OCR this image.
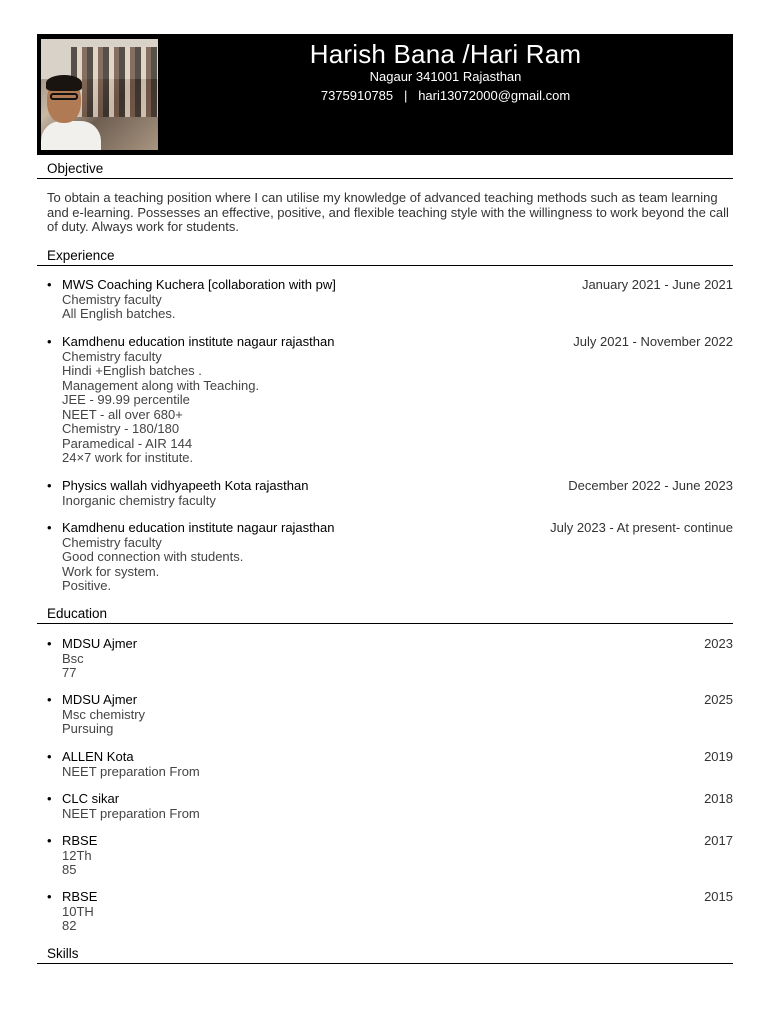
Harish Bana /Hari Ram
Nagaur 341001 Rajasthan
7375910785   |   hari13072000@gmail.com
Objective
To obtain a teaching position where I can utilise my knowledge of advanced teaching methods such as team learning and e-learning. Possesses an effective, positive, and flexible teaching style with the willingness to work beyond the call of duty. Always work for students.
Experience
• MWS Coaching Kuchera [collaboration with pw]	January 2021 - June 2021
Chemistry faculty
All English batches.
• Kamdhenu education institute nagaur rajasthan	July 2021 - November 2022
Chemistry faculty
Hindi +English batches .
Management along with Teaching.
JEE - 99.99 percentile
NEET - all over 680+
Chemistry - 180/180
Paramedical - AIR 144
24×7 work for institute.
• Physics wallah vidhyapeeth Kota rajasthan	December 2022 - June 2023
Inorganic chemistry faculty
• Kamdhenu education institute nagaur rajasthan	July 2023 - At present- continue
Chemistry faculty
Good connection with students.
Work for system.
Positive.
Education
• MDSU Ajmer	2023
Bsc
77
• MDSU Ajmer	2025
Msc chemistry
Pursuing
• ALLEN Kota	2019
NEET preparation From
• CLC sikar	2018
NEET preparation From
• RBSE	2017
12Th
85
• RBSE	2015
10TH
82
Skills
